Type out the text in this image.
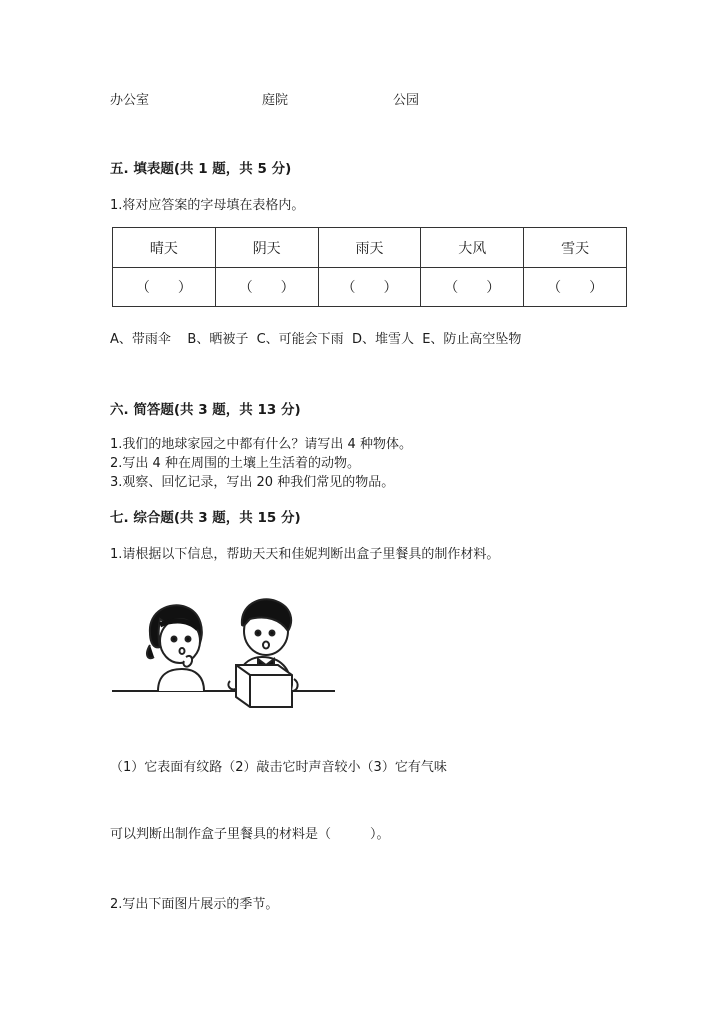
办公室	庭院	公园
五. 填表题(共 1 题，共 5 分)
1.将对应答案的字母填在表格内。
晴天	阴天	雨天	大风	雪天
（　　）	（　　）	（　　）	（　　）	（　　）
A、带雨伞    B、晒被子  C、可能会下雨  D、堆雪人  E、防止高空坠物
六. 简答题(共 3 题，共 13 分)
1.我们的地球家园之中都有什么？请写出 4 种物体。
2.写出 4 种在周围的土壤上生活着的动物。
3.观察、回忆记录，写出 20 种我们常见的物品。
七. 综合题(共 3 题，共 15 分)
1.请根据以下信息，帮助天天和佳妮判断出盒子里餐具的制作材料。
（1）它表面有纹路（2）敲击它时声音较小（3）它有气味
可以判断出制作盒子里餐具的材料是（　　　）。
2.写出下面图片展示的季节。
